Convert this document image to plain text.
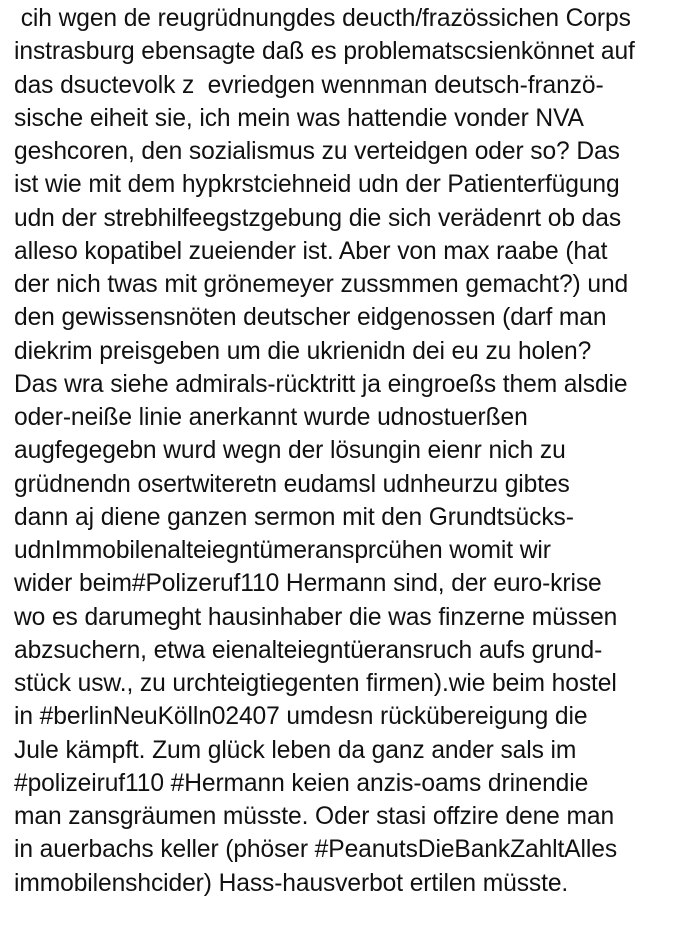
cih wgen de reugrüdnungdes deucth/frazössichen Corps
instrasburg ebensagte daß es problematscsienkönnet auf
das dsuctevolk z  evriedgen wennman deutsch-franzö-
sische eiheit sie, ich mein was hattendie vonder NVA
geshcoren, den sozialismus zu verteidgen oder so? Das
ist wie mit dem hypkrstciehneid udn der Patienterfügung
udn der strebhilfeegstzgebung die sich verädenrt ob das
alleso kopatibel zueiender ist. Aber von max raabe (hat
der nich twas mit grönemeyer zussmmen gemacht?) und
den gewissensnöten deutscher eidgenossen (darf man
diekrim preisgeben um die ukrienidn dei eu zu holen?
Das wra siehe admirals-rücktritt ja eingroeßs them alsdie
oder-neiße linie anerkannt wurde udnostuerßen
augfegegebn wurd wegn der lösungin eienr nich zu
grüdnendn osertwiteretn eudamsl udnheurzu gibtes
dann aj diene ganzen sermon mit den Grundtsücks-
udnImmobilenalteiegntümeransprcühen womit wir
wider beim#Polizeruf110 Hermann sind, der euro-krise
wo es darumeght hausinhaber die was finzerne müssen
abzsuchern, etwa eienalteiegntüeransruch aufs grund-
stück usw., zu urchteigtiegenten firmen).wie beim hostel
in #berlinNeuKölln02407 umdesn rückübereigung die
Jule kämpft. Zum glück leben da ganz ander sals im
#polizeiruf110 #Hermann keien anzis-oams drinendie
man zansgräumen müsste. Oder stasi offzire dene man
in auerbachs keller (phöser #PeanutsDieBankZahltAlles
immobilenshcider) Hass-hausverbot ertilen müsste.
